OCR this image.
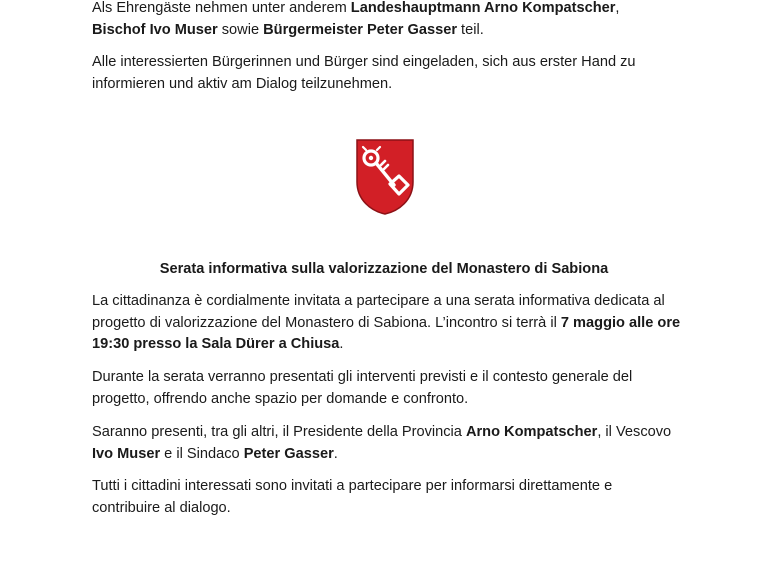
Als Ehrengäste nehmen unter anderem Landeshauptmann Arno Kompatscher,
Bischof Ivo Muser sowie Bürgermeister Peter Gasser teil.

Alle interessierten Bürgerinnen und Bürger sind eingeladen, sich aus erster Hand zu informieren und aktiv am Dialog teilzunehmen.

Serata informativa sulla valorizzazione del Monastero di Sabiona

La cittadinanza è cordialmente invitata a partecipare a una serata informativa dedicata al progetto di valorizzazione del Monastero di Sabiona. L’incontro si terrà il 7 maggio alle ore 19:30 presso la Sala Dürer a Chiusa.

Durante la serata verranno presentati gli interventi previsti e il contesto generale del progetto, offrendo anche spazio per domande e confronto.

Saranno presenti, tra gli altri, il Presidente della Provincia Arno Kompatscher, il Vescovo Ivo Muser e il Sindaco Peter Gasser.

Tutti i cittadini interessati sono invitati a partecipare per informarsi direttamente e contribuire al dialogo.
